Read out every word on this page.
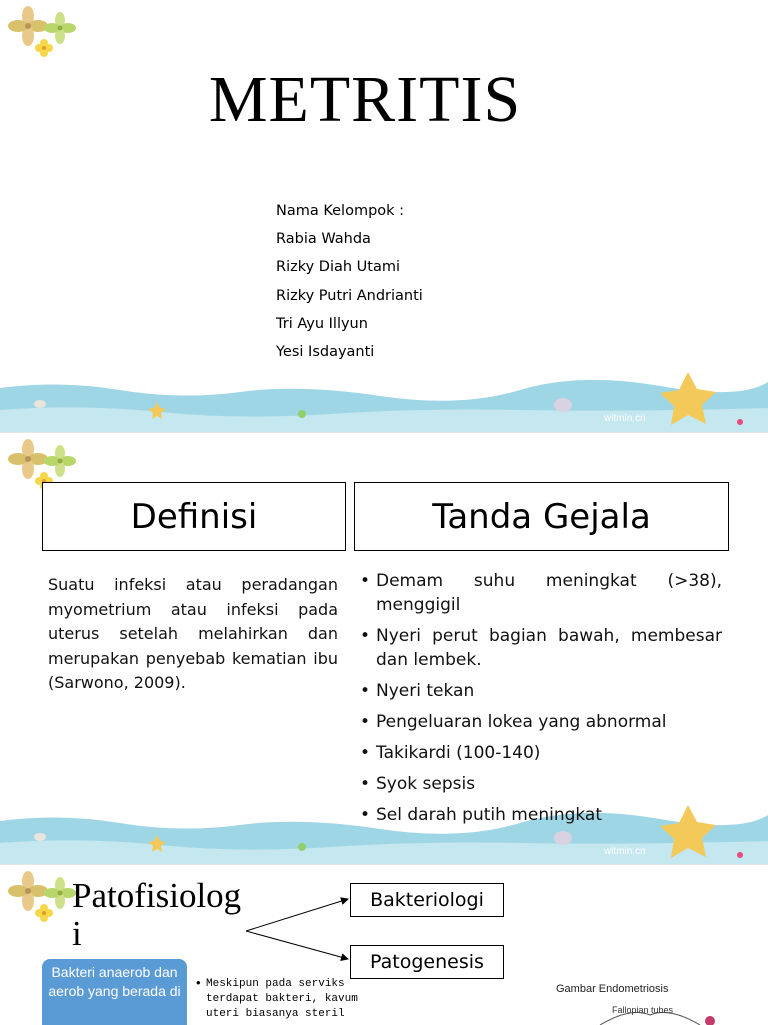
METRITIS
Nama Kelompok :
Rabia Wahda
Rizky Diah Utami
Rizky Putri Andrianti
Tri Ayu Illyun
Yesi Isdayanti
witmin.cn
witmin.cn
Definisi	Tanda Gejala
Suatu infeksi atau peradangan myometrium atau infeksi pada uterus setelah melahirkan dan merupakan penyebab kematian ibu (Sarwono, 2009).
• Demam suhu meningkat (>38), menggigil
• Nyeri perut bagian bawah, membesar dan lembek.
• Nyeri tekan
• Pengeluaran lokea yang abnormal
• Takikardi (100-140)
• Syok sepsis
• Sel darah putih meningkat
Patofisiologi
Bakteriologi
Patogenesis
Bakteri anaerob dan aerob yang berada di
• Meskipun pada serviks terdapat bakteri, kavum uteri biasanya steril
Gambar Endometriosis
Fallopian tubes
